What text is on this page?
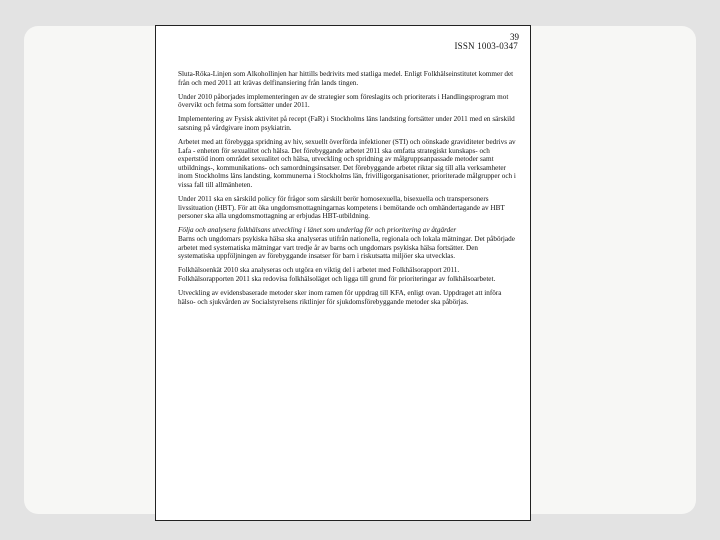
39
ISSN 1003-0347

Sluta-Röka-Linjen som Alkohollinjen har hittills bedrivits med statliga medel. Enligt Folkhälseinstitutet kommer det från och med 2011 att krävas delfinansiering från lands tingen.

Under 2010 påborjades implementeringen av de strategier som föreslagits och prioriterats i Handlingsprogram mot övervikt och fetma som fortsätter under 2011.

Implementering av Fysisk aktivitet på recept (FaR) i Stockholms läns landsting fortsätter under 2011 med en särskild satsning på vårdgivare inom psykiatrin.

Arbetet med att förebygga spridning av hiv, sexuellt överförda infektioner (STI) och oönskade graviditeter bedrivs av Lafa - enheten för sexualitet och hälsa. Det förebyggande arbetet 2011 ska omfatta strategiskt kunskaps- och expertstöd inom området sexualitet och hälsa, utveckling och spridning av målgruppsanpassade metoder samt utbildnings-, kommunikations- och samordningsinsatser. Det förebyggande arbetet riktar sig till alla verksamheter inom Stockholms läns landsting, kommunerna i Stockholms län, frivilligorganisationer, prioriterade målgrupper och i vissa fall till allmänheten.

Under 2011 ska en särskild policy för frågor som särskilt berör homosexuella, bisexuella och transpersoners livssituation (HBT). För att öka ungdomsmottagningarnas kompetens i bemötande och omhändertagande av HBT personer ska alla ungdomsmottagning ar erbjudas HBT-utbildning.

Följa och analysera folkhälsans utveckling i länet som underlag för och prioritering av åtgärder

Barns och ungdomars psykiska hälsa ska analyseras utifrån nationella, regionala och lokala mätningar. Det påbörjade arbetet med systematiska mätningar vart tredje år av barns och ungdomars psykiska hälsa fortsätter. Den systematiska uppföljningen av förebyggande insatser för barn i riskutsatta miljöer ska utvecklas.

Folkhälsoenkät 2010 ska analyseras och utgöra en viktig del i arbetet med Folkhälsorapport 2011. Folkhälsorapporten 2011 ska redovisa folkhälsoläget och ligga till grund för prioriteringar av folkhälsoarbetet.

Utveckling av evidensbaserade metoder sker inom ramen för uppdrag till KFA, enligt ovan. Uppdraget att införa hälso- och sjukvården av Socialstyrelsens riktlinjer för sjukdomsförebyggande metoder ska påbörjas.
